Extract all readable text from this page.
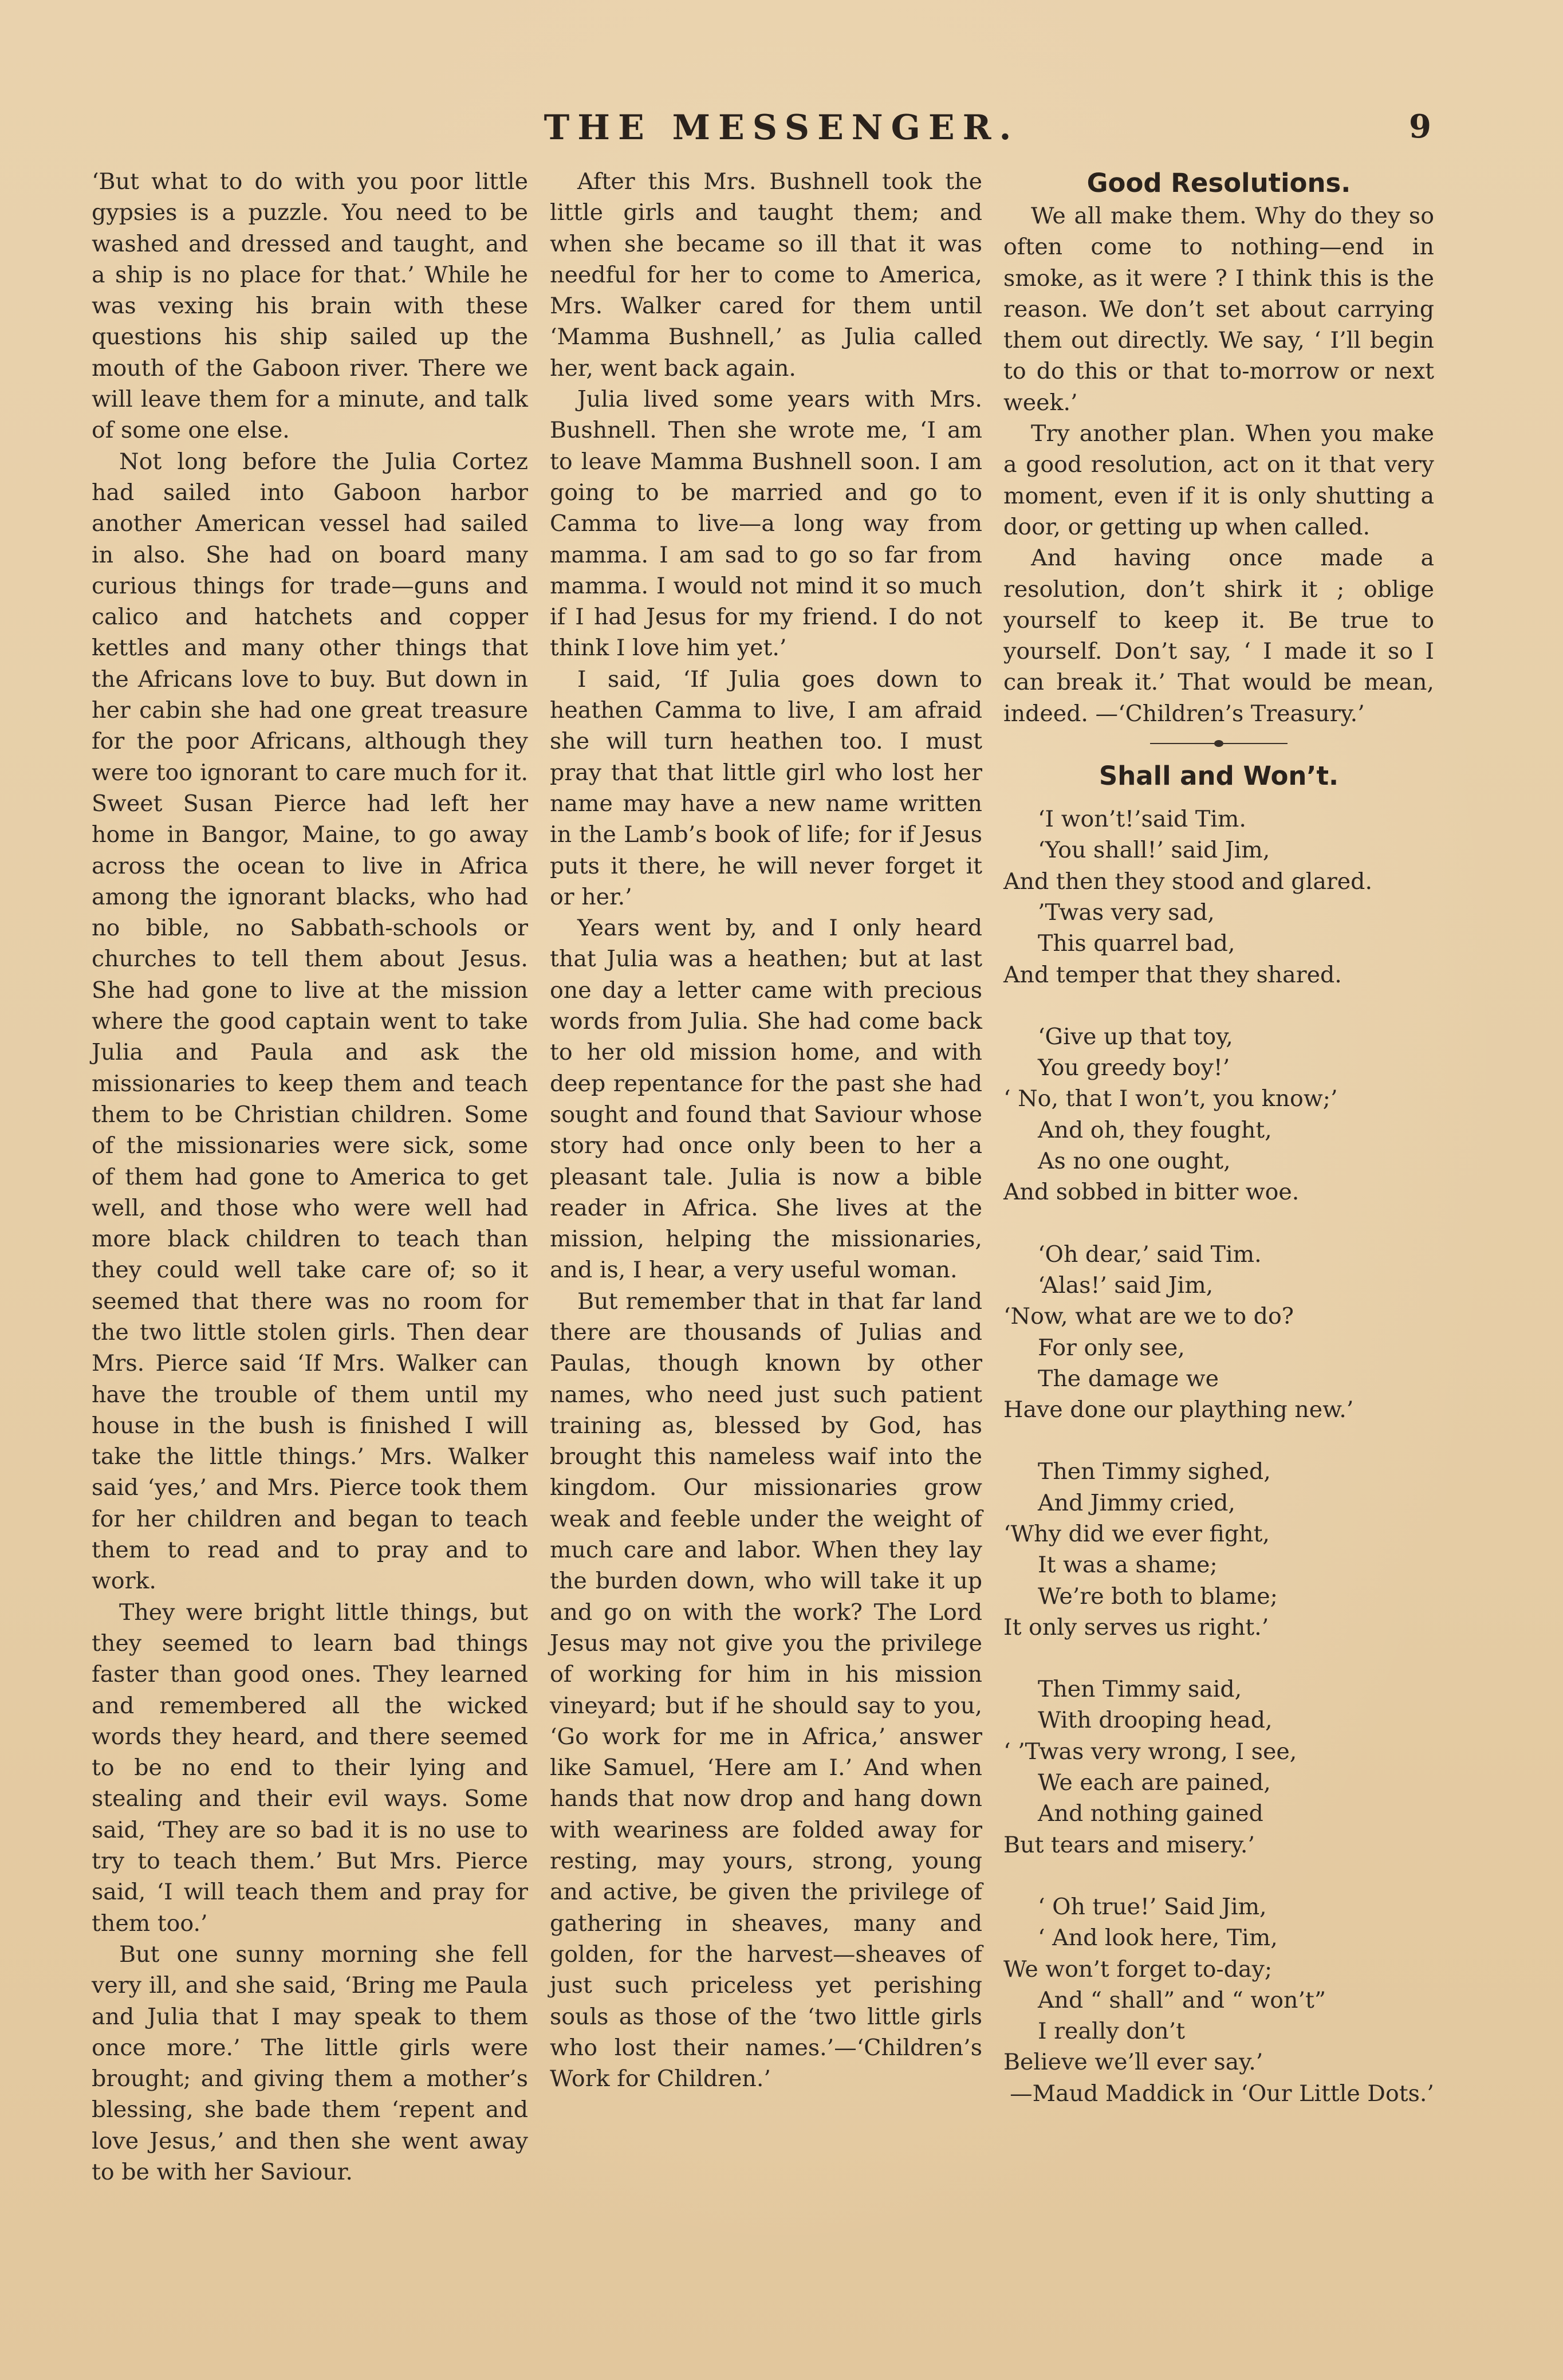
THE MESSENGER.	9

‘But what to do with you poor little gypsies is a puzzle. You need to be washed and dressed and taught, and a ship is no place for that.’ While he was vexing his brain with these questions his ship sailed up the mouth of the Gaboon river. There we will leave them for a minute, and talk of some one else.

Not long before the Julia Cortez had sailed into Gaboon harbor another American vessel had sailed in also. She had on board many curious things for trade—guns and calico and hatchets and copper kettles and many other things that the Africans love to buy. But down in her cabin she had one great treasure for the poor Africans, although they were too ignorant to care much for it. Sweet Susan Pierce had left her home in Bangor, Maine, to go away across the ocean to live in Africa among the ignorant blacks, who had no bible, no Sabbath-schools or churches to tell them about Jesus. She had gone to live at the mission where the good captain went to take Julia and Paula and ask the missionaries to keep them and teach them to be Christian children. Some of the missionaries were sick, some of them had gone to America to get well, and those who were well had more black children to teach than they could well take care of; so it seemed that there was no room for the two little stolen girls. Then dear Mrs. Pierce said ‘If Mrs. Walker can have the trouble of them until my house in the bush is finished I will take the little things.’ Mrs. Walker said ‘yes,’ and Mrs. Pierce took them for her children and began to teach them to read and to pray and to work.

They were bright little things, but they seemed to learn bad things faster than good ones. They learned and remembered all the wicked words they heard, and there seemed to be no end to their lying and stealing and their evil ways. Some said, ‘They are so bad it is no use to try to teach them.’ But Mrs. Pierce said, ‘I will teach them and pray for them too.’

But one sunny morning she fell very ill, and she said, ‘Bring me Paula and Julia that I may speak to them once more.’ The little girls were brought; and giving them a mother’s blessing, she bade them ‘repent and love Jesus,’ and then she went away to be with her Saviour.

After this Mrs. Bushnell took the little girls and taught them; and when she became so ill that it was needful for her to come to America, Mrs. Walker cared for them until ‘Mamma Bushnell,’ as Julia called her, went back again.

Julia lived some years with Mrs. Bushnell. Then she wrote me, ‘I am to leave Mamma Bushnell soon. I am going to be married and go to Camma to live—a long way from mamma. I am sad to go so far from mamma. I would not mind it so much if I had Jesus for my friend. I do not think I love him yet.’

I said, ‘If Julia goes down to heathen Camma to live, I am afraid she will turn heathen too. I must pray that that little girl who lost her name may have a new name written in the Lamb’s book of life; for if Jesus puts it there, he will never forget it or her.’

Years went by, and I only heard that Julia was a heathen; but at last one day a letter came with precious words from Julia. She had come back to her old mission home, and with deep repentance for the past she had sought and found that Saviour whose story had once only been to her a pleasant tale. Julia is now a bible reader in Africa. She lives at the mission, helping the missionaries, and is, I hear, a very useful woman.

But remember that in that far land there are thousands of Julias and Paulas, though known by other names, who need just such patient training as, blessed by God, has brought this nameless waif into the kingdom. Our missionaries grow weak and feeble under the weight of much care and labor. When they lay the burden down, who will take it up and go on with the work? The Lord Jesus may not give you the privilege of working for him in his mission vineyard; but if he should say to you, ‘Go work for me in Africa,’ answer like Samuel, ‘Here am I.’ And when hands that now drop and hang down with weariness are folded away for resting, may yours, strong, young and active, be given the privilege of gathering in sheaves, many and golden, for the harvest—sheaves of just such priceless yet perishing souls as those of the ‘two little girls who lost their names.’—‘Children’s Work for Children.’

Good Resolutions.

We all make them. Why do they so often come to nothing—end in smoke, as it were ? I think this is the reason. We don’t set about carrying them out directly. We say, ‘ I’ll begin to do this or that to-morrow or next week.’

Try another plan. When you make a good resolution, act on it that very moment, even if it is only shutting a door, or getting up when called.

And having once made a resolution, don’t shirk it ; oblige yourself to keep it. Be true to yourself. Don’t say, ‘ I made it so I can break it.’ That would be mean, indeed. —‘Children’s Treasury.’

Shall and Won’t.
‘I won’t!’said Tim.
‘You shall!’ said Jim,
And then they stood and glared.
’Twas very sad,
This quarrel bad,
And temper that they shared.
‘Give up that toy,
You greedy boy!’
‘ No, that I won’t, you know;’
And oh, they fought,
As no one ought,
And sobbed in bitter woe.
‘Oh dear,’ said Tim.
‘Alas!’ said Jim,
‘Now, what are we to do?
For only see,
The damage we
Have done our plaything new.’
Then Timmy sighed,
And Jimmy cried,
‘Why did we ever fight,
It was a shame;
We’re both to blame;
It only serves us right.’
Then Timmy said,
With drooping head,
‘ ’Twas very wrong, I see,
We each are pained,
And nothing gained
But tears and misery.’
‘ Oh true!’ Said Jim,
‘ And look here, Tim,
We won’t forget to-day;
And “ shall” and “ won’t”
I really don’t
Believe we’ll ever say.’
—Maud Maddick in ‘Our Little Dots.’
